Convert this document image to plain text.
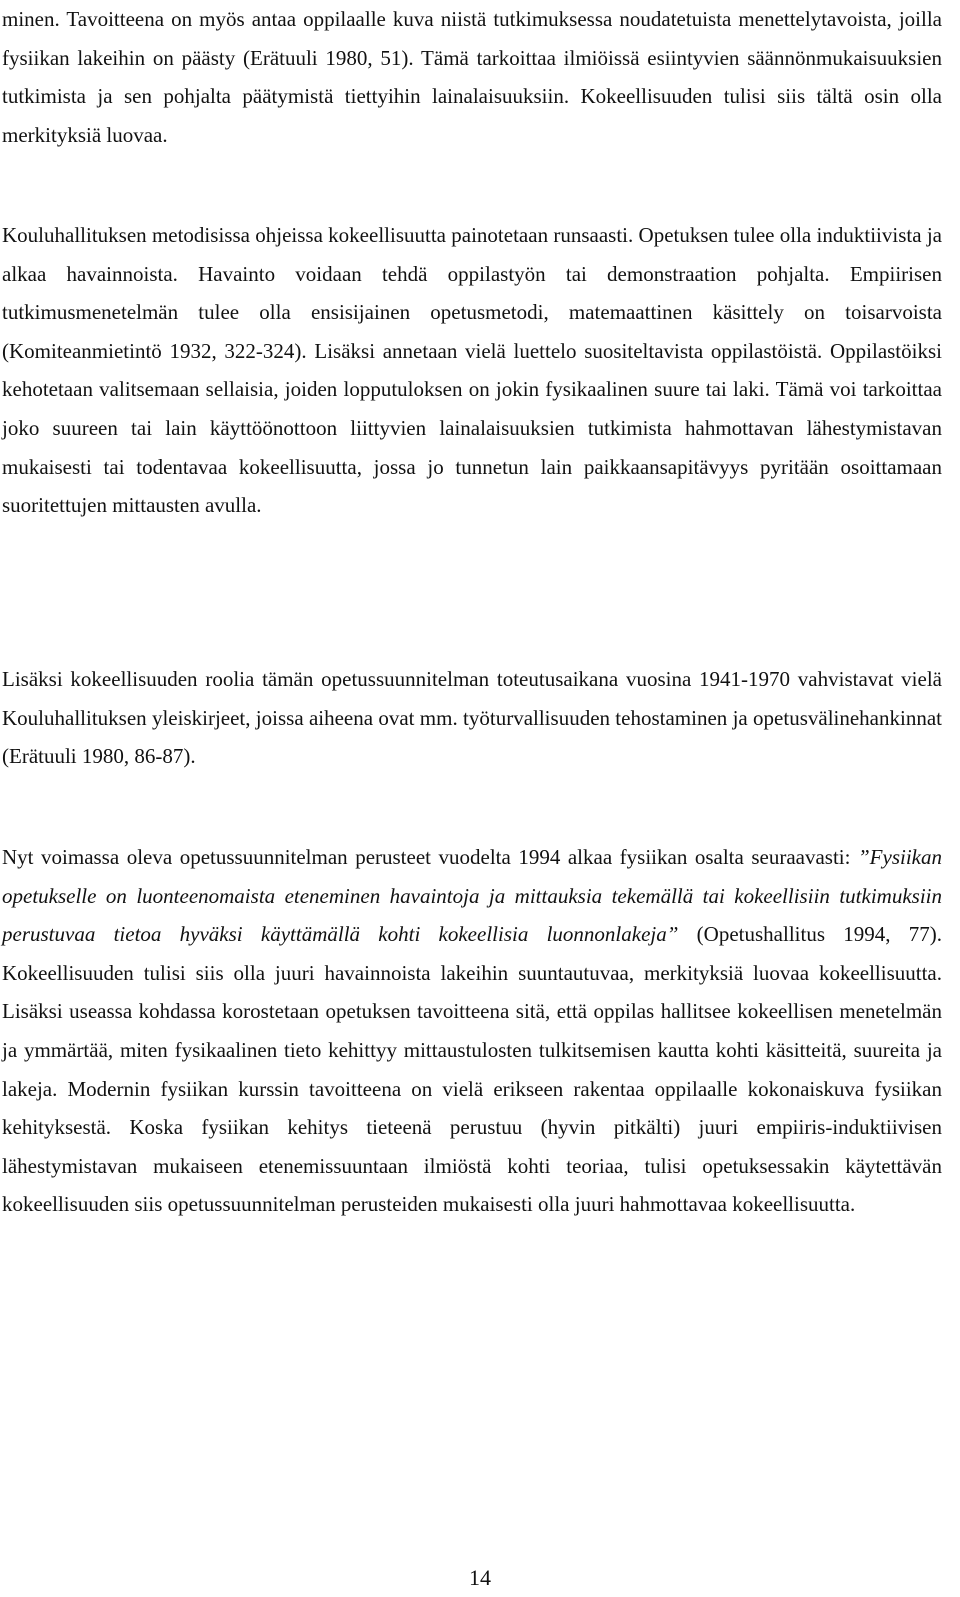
minen. Tavoitteena on myös antaa oppilaalle kuva niistä tutkimuksessa noudatetuista menettelytavoista, joilla fysiikan lakeihin on päästy (Erätuuli 1980, 51). Tämä tarkoittaa ilmiöissä esiintyvien säännönmukaisuuksien tutkimista ja sen pohjalta päätymistä tiettyihin lainalaisuuksiin. Kokeellisuuden tulisi siis tältä osin olla merkityksiä luovaa.

Kouluhallituksen metodisissa ohjeissa kokeellisuutta painotetaan runsaasti. Opetuksen tulee olla induktiivista ja alkaa havainnoista. Havainto voidaan tehdä oppilastyön tai demonstraation pohjalta. Empiirisen tutkimusmenetelmän tulee olla ensisijainen opetusmetodi, matemaattinen käsittely on toisarvoista (Komiteanmietintö 1932, 322-324). Lisäksi annetaan vielä luettelo suositeltavista oppilastöistä. Oppilastöiksi kehotetaan valitsemaan sellaisia, joiden lopputuloksen on jokin fysikaalinen suure tai laki. Tämä voi tarkoittaa joko suureen tai lain käyttöönottoon liittyvien lainalaisuuksien tutkimista hahmottavan lähestymistavan mukaisesti tai todentavaa kokeellisuutta, jossa jo tunnetun lain paikkaansapitävyys pyritään osoittamaan suoritettujen mittausten avulla.

Lisäksi kokeellisuuden roolia tämän opetussuunnitelman toteutusaikana vuosina 1941-1970 vahvistavat vielä Kouluhallituksen yleiskirjeet, joissa aiheena ovat mm. työturvallisuuden tehostaminen ja opetusvälinehankinnat (Erätuuli 1980, 86-87).

Nyt voimassa oleva opetussuunnitelman perusteet vuodelta 1994 alkaa fysiikan osalta seuraavasti: ”Fysiikan opetukselle on luonteenomaista eteneminen havaintoja ja mittauksia tekemällä tai kokeellisiin tutkimuksiin perustuvaa tietoa hyväksi käyttämällä kohti kokeellisia luonnonlakeja” (Opetushallitus 1994, 77). Kokeellisuuden tulisi siis olla juuri havainnoista lakeihin suuntautuvaa, merkityksiä luovaa kokeellisuutta. Lisäksi useassa kohdassa korostetaan opetuksen tavoitteena sitä, että oppilas hallitsee kokeellisen menetelmän ja ymmärtää, miten fysikaalinen tieto kehittyy mittaustulosten tulkitsemisen kautta kohti käsitteitä, suureita ja lakeja. Modernin fysiikan kurssin tavoitteena on vielä erikseen rakentaa oppilaalle kokonaiskuva fysiikan kehityksestä. Koska fysiikan kehitys tieteenä perustuu (hyvin pitkälti) juuri empiiris-induktiivisen lähestymistavan mukaiseen etenemissuuntaan ilmiöstä kohti teoriaa, tulisi opetuksessakin käytettävän kokeellisuuden siis opetussuunnitelman perusteiden mukaisesti olla juuri hahmottavaa kokeellisuutta.

14
